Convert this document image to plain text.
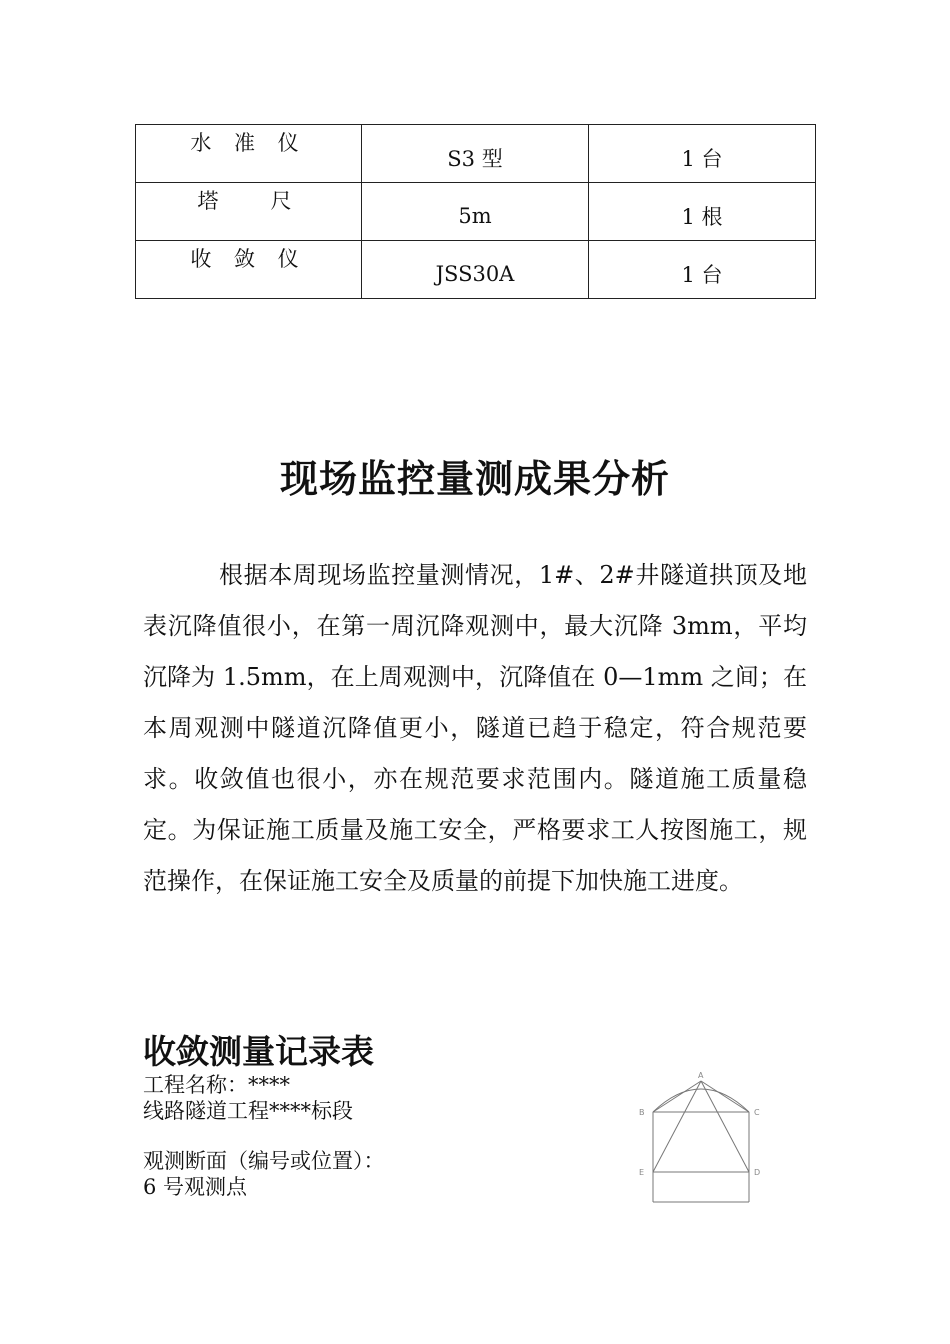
水 准 仪	S3 型	1 台
塔   尺	5m	1 根
收 敛 仪	JSS30A	1 台
现场监控量测成果分析

根据本周现场监控量测情况，1#、2#井隧道拱顶及地表沉降值很小，在第一周沉降观测中，最大沉降 3mm，平均沉降为 1.5mm，在上周观测中，沉降值在 0—1mm 之间；在本周观测中隧道沉降值更小，隧道已趋于稳定，符合规范要求。收敛值也很小，亦在规范要求范围内。隧道施工质量稳定。为保证施工质量及施工安全，严格要求工人按图施工，规范操作，在保证施工安全及质量的前提下加快施工进度。

收敛测量记录表
工程名称：****
线路隧道工程****标段
观测断面（编号或位置）：
6 号观测点
A
B	C
D
E
